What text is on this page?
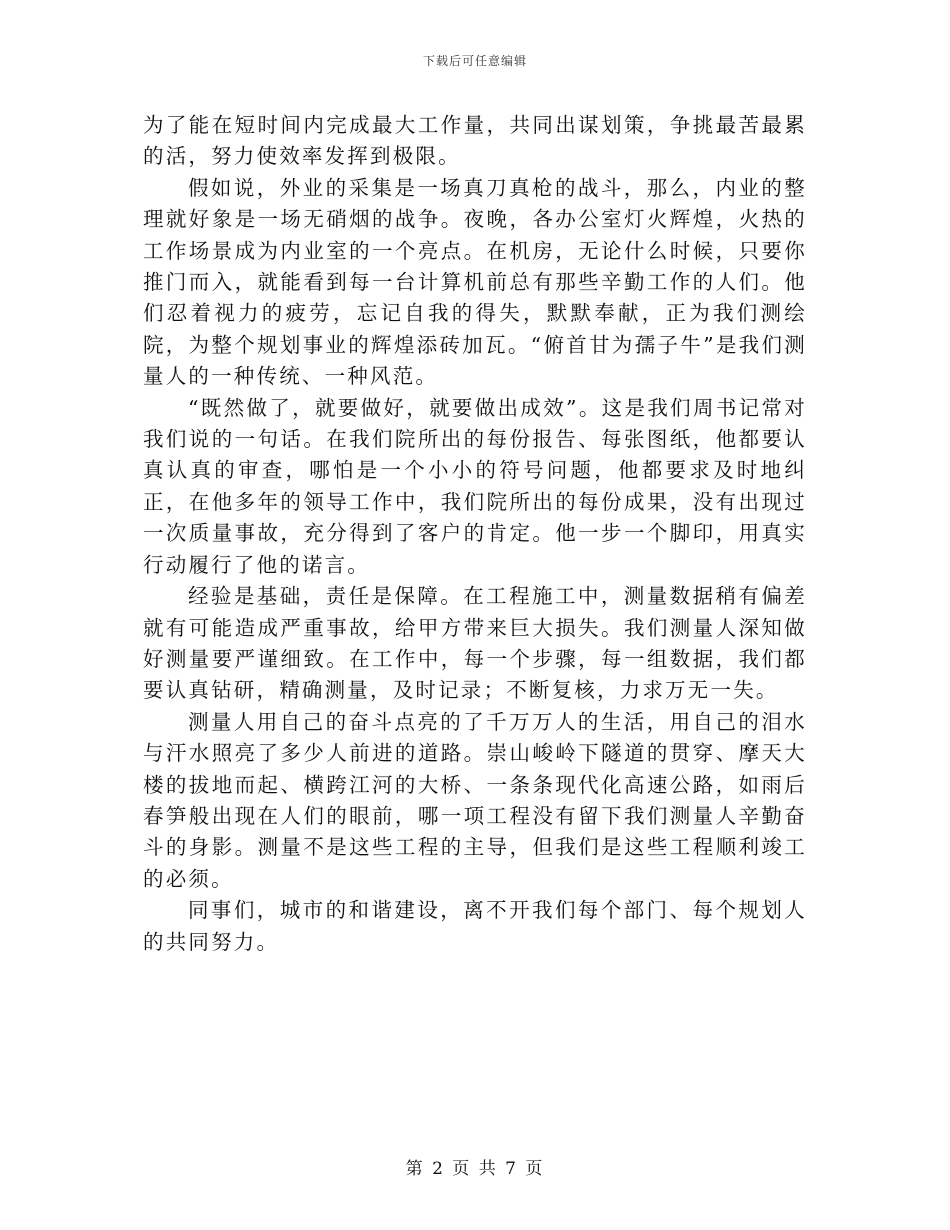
下载后可任意编辑

为了能在短时间内完成最大工作量，共同出谋划策，争挑最苦最累的活，努力使效率发挥到极限。

假如说，外业的采集是一场真刀真枪的战斗，那么，内业的整理就好象是一场无硝烟的战争。夜晚，各办公室灯火辉煌，火热的工作场景成为内业室的一个亮点。在机房，无论什么时候，只要你推门而入，就能看到每一台计算机前总有那些辛勤工作的人们。他们忍着视力的疲劳，忘记自我的得失，默默奉献，正为我们测绘院，为整个规划事业的辉煌添砖加瓦。“俯首甘为孺子牛”是我们测量人的一种传统、一种风范。

“既然做了，就要做好，就要做出成效”。这是我们周书记常对我们说的一句话。在我们院所出的每份报告、每张图纸，他都要认真认真的审查，哪怕是一个小小的符号问题，他都要求及时地纠正，在他多年的领导工作中，我们院所出的每份成果，没有出现过一次质量事故，充分得到了客户的肯定。他一步一个脚印，用真实行动履行了他的诺言。

经验是基础，责任是保障。在工程施工中，测量数据稍有偏差就有可能造成严重事故，给甲方带来巨大损失。我们测量人深知做好测量要严谨细致。在工作中，每一个步骤，每一组数据，我们都要认真钻研，精确测量，及时记录；不断复核，力求万无一失。

测量人用自己的奋斗点亮的了千万万人的生活，用自己的泪水与汗水照亮了多少人前进的道路。崇山峻岭下隧道的贯穿、摩天大楼的拔地而起、横跨江河的大桥、一条条现代化高速公路，如雨后春笋般出现在人们的眼前，哪一项工程没有留下我们测量人辛勤奋斗的身影。测量不是这些工程的主导，但我们是这些工程顺利竣工的必须。

同事们，城市的和谐建设，离不开我们每个部门、每个规划人的共同努力。

第 2 页 共 7 页
